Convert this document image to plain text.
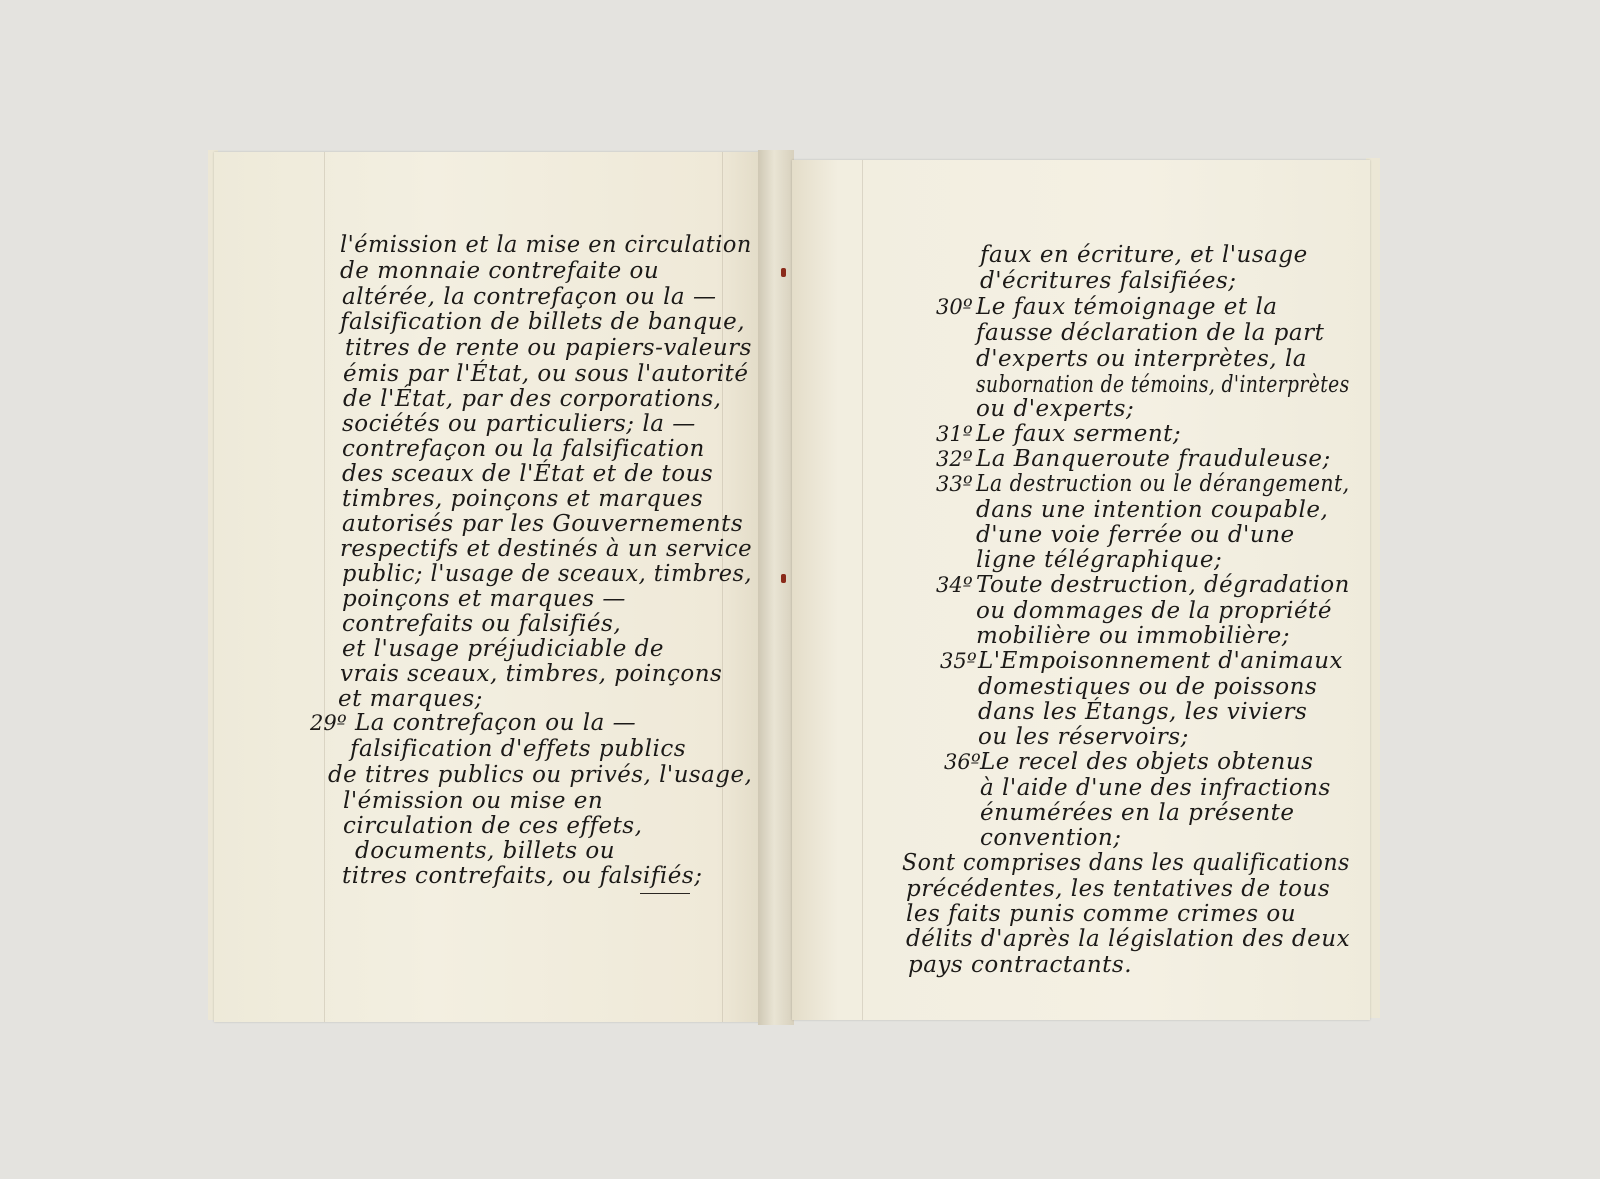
l'émission et la mise en circulation
de monnaie contrefaite ou
altérée, la contrefaçon ou la —
falsification de billets de banque,
titres de rente ou papiers-valeurs
émis par l'État, ou sous l'autorité
de l'État, par des corporations,
sociétés ou particuliers; la —
contrefaçon ou la falsification
des sceaux de l'État et de tous
timbres, poinçons et marques
autorisés par les Gouvernements
respectifs et destinés à un service
public; l'usage de sceaux, timbres,
poinçons et marques —
contrefaits ou falsifiés,
et l'usage préjudiciable de
vrais sceaux, timbres, poinçons
et marques;
29º La contrefaçon ou la —
falsification d'effets publics
de titres publics ou privés, l'usage,
l'émission ou mise en
circulation de ces effets,
documents, billets ou
titres contrefaits, ou falsifiés;
faux en écriture, et l'usage
d'écritures falsifiées;
30º Le faux témoignage et la
fausse déclaration de la part
d'experts ou interprètes, la
subornation de témoins, d'interprètes
ou d'experts;
31º Le faux serment;
32º La Banqueroute frauduleuse;
33º La destruction ou le dérangement,
dans une intention coupable,
d'une voie ferrée ou d'une
ligne télégraphique;
34º Toute destruction, dégradation
ou dommages de la propriété
mobilière ou immobilière;
35º L'Empoisonnement d'animaux
domestiques ou de poissons
dans les Étangs, les viviers
ou les réservoirs;
36º Le recel des objets obtenus
à l'aide d'une des infractions
énumérées en la présente
convention;
Sont comprises dans les qualifications
précédentes, les tentatives de tous
les faits punis comme crimes ou
délits d'après la législation des deux
pays contractants.
